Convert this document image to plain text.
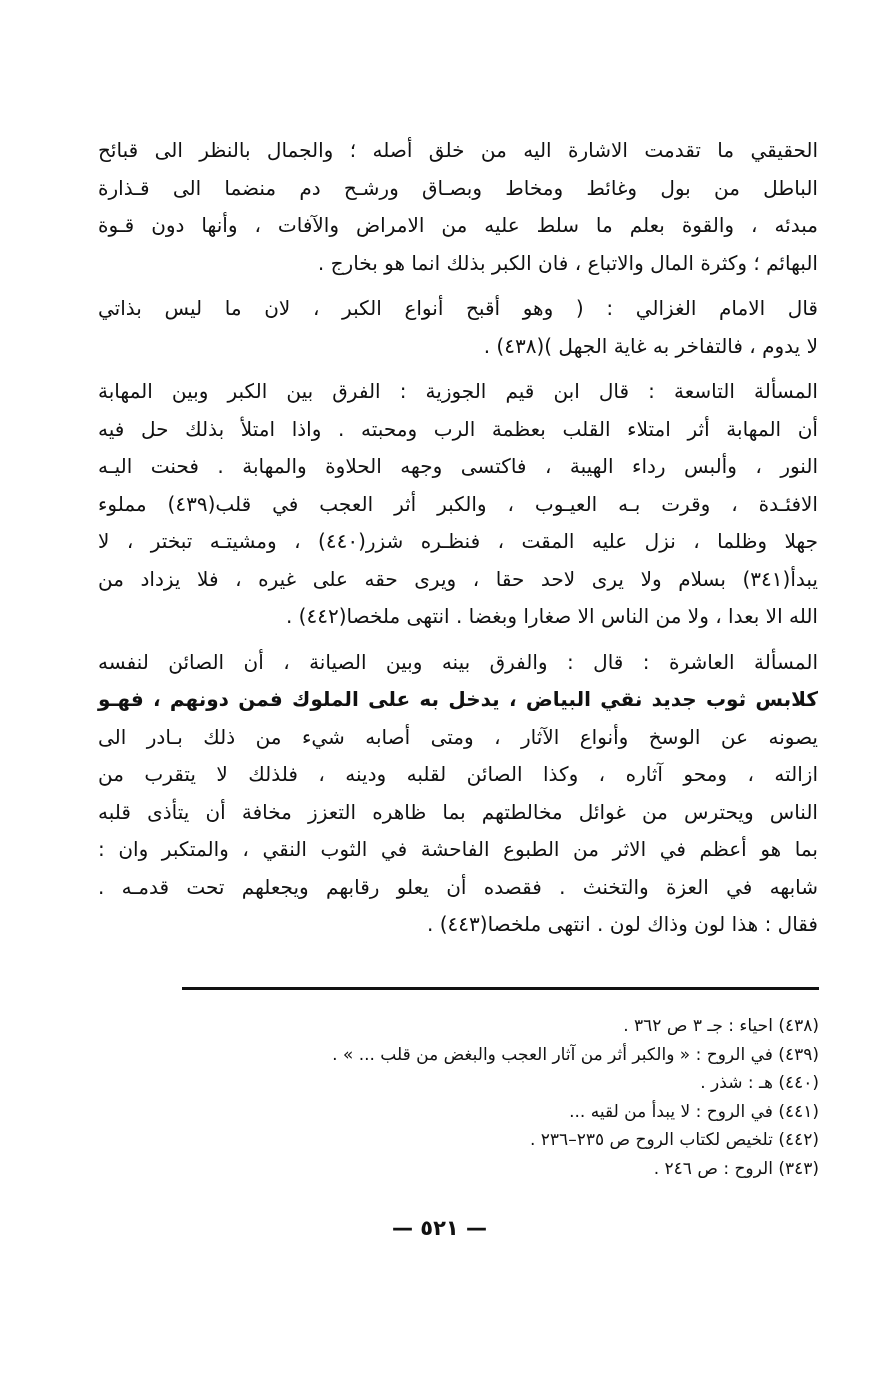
الحقيقي ما تقدمت الاشارة اليه من خلق أصله ؛ والجمال بالنظر الى قبائح
الباطل من بول وغائط ومخاط وبصـاق ورشـح دم منضما الى قـذارة
مبدئه ، والقوة بعلم ما سلط عليه من الامراض والآفات ، وأنها دون قـوة
البهائم ؛ وكثرة المال والاتباع ، فان الكبر بذلك انما هو بخارج .

قال الامام الغزالي : ( وهو أقبح أنواع الكبر ، لان ما ليس بذاتي
لا يدوم ، فالتفاخر به غاية الجهل )(٤٣٨) .

المسألة التاسعة : قال ابن قيم الجوزية : الفرق بين الكبر وبين المهابة
أن المهابة أثر امتلاء القلب بعظمة الرب ومحبته . واذا امتلأ بذلك حل فيه
النور ، وألبس رداء الهيبة ، فاكتسى وجهه الحلاوة والمهابة . فحنت اليـه
الافئـدة ، وقرت بـه العيـوب ، والكبر أثر العجب في قلب(٤٣٩) مملوء
جهلا وظلما ، نزل عليه المقت ، فنظـره شزر(٤٤٠) ، ومشيتـه تبختر ، لا
يبدأ(٣٤١) بسلام ولا يرى لاحد حقا ، ويرى حقه على غيره ، فلا يزداد من
الله الا بعدا ، ولا من الناس الا صغارا وبغضا . انتهى ملخصا(٤٤٢) .

المسألة العاشرة : قال : والفرق بينه وبين الصيانة ، أن الصائن لنفسه
كلابس ثوب جديد نقي البياض ، يدخل به على الملوك فمن دونهم ، فهـو
يصونه عن الوسخ وأنواع الآثار ، ومتى أصابه شيء من ذلك بـادر الى
ازالته ، ومحو آثاره ، وكذا الصائن لقلبه ودينه ، فلذلك لا يتقرب من
الناس ويحترس من غوائل مخالطتهم بما ظاهره التعزز مخافة أن يتأذى قلبه
بما هو أعظم في الاثر من الطبوع الفاحشة في الثوب النقي ، والمتكبر وان :
شابهه في العزة والتخنث . فقصده أن يعلو رقابهم ويجعلهم تحت قدمـه .
فقال : هذا لون وذاك لون . انتهى ملخصا(٤٤٣) .

(٤٣٨) احياء : جـ ٣ ص ٣٦٢ .
(٤٣٩) في الروح : « والكبر أثر من آثار العجب والبغض من قلب ... » .
(٤٤٠) هـ : شذر .
(٤٤١) في الروح : لا يبدأ من لقيه ...
(٤٤٢) تلخيص لكتاب الروح ص ٢٣٥–٢٣٦ .
(٣٤٣) الروح : ص ٢٤٦ .
— ٥٢١ —
